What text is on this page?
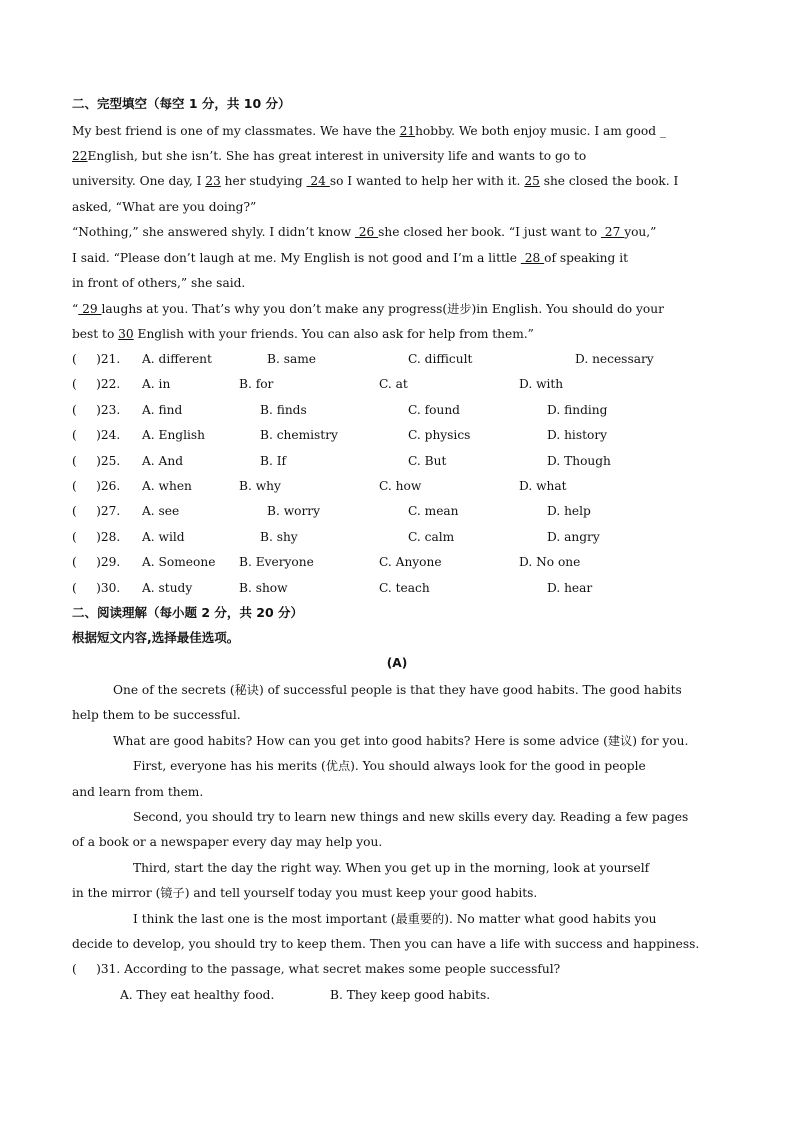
二、完型填空（每空 1 分，共 10 分）
My best friend is one of my classmates. We have the 21hobby. We both enjoy music. I am good _
22English, but she isn’t. She has great interest in university life and wants to go to
university. One day, I 23 her studying  24 so I wanted to help her with it. 25 she closed the book. I
asked, “What are you doing?”
“Nothing,” she answered shyly. I didn’t know  26 she closed her book. “I just want to  27 you,”
I said. “Please don’t laugh at me. My English is not good and I’m a little  28 of speaking it
in front of others,” she said.
“ 29 laughs at you. That’s why you don’t make any progress(进步)in English. You should do your
best to 30 English with your friends. You can also ask for help from them.”
(     )21. A. different	B. same	C. difficult	D. necessary
(     )22. A. in	B. for	C. at	D. with
(     )23. A. find	B. finds	C. found	D. finding
(     )24. A. English	B. chemistry	C. physics	D. history
(     )25. A. And	B. If	C. But	D. Though
(     )26. A. when	B. why	C. how	D. what
(     )27. A. see	B. worry	C. mean	D. help
(     )28. A. wild	B. shy	C. calm	D. angry
(     )29. A. Someone B. Everyone	C. Anyone	D. No one
(     )30. A. study	B. show	C. teach	D. hear
二、阅读理解（每小题 2 分，共 20 分）
根据短文内容,选择最佳选项。
(A)
One of the secrets (秘诀) of successful people is that they have good habits. The good habits
help them to be successful.
What are good habits? How can you get into good habits? Here is some advice (建议) for you.
First, everyone has his merits (优点). You should always look for the good in people
and learn from them.
Second, you should try to learn new things and new skills every day. Reading a few pages
of a book or a newspaper every day may help you.
Third, start the day the right way. When you get up in the morning, look at yourself
in the mirror (镜子) and tell yourself today you must keep your good habits.
I think the last one is the most important (最重要的). No matter what good habits you
decide to develop, you should try to keep them. Then you can have a life with success and happiness.
(     )31. According to the passage, what secret makes some people successful?
A. They eat healthy food.	B. They keep good habits.
